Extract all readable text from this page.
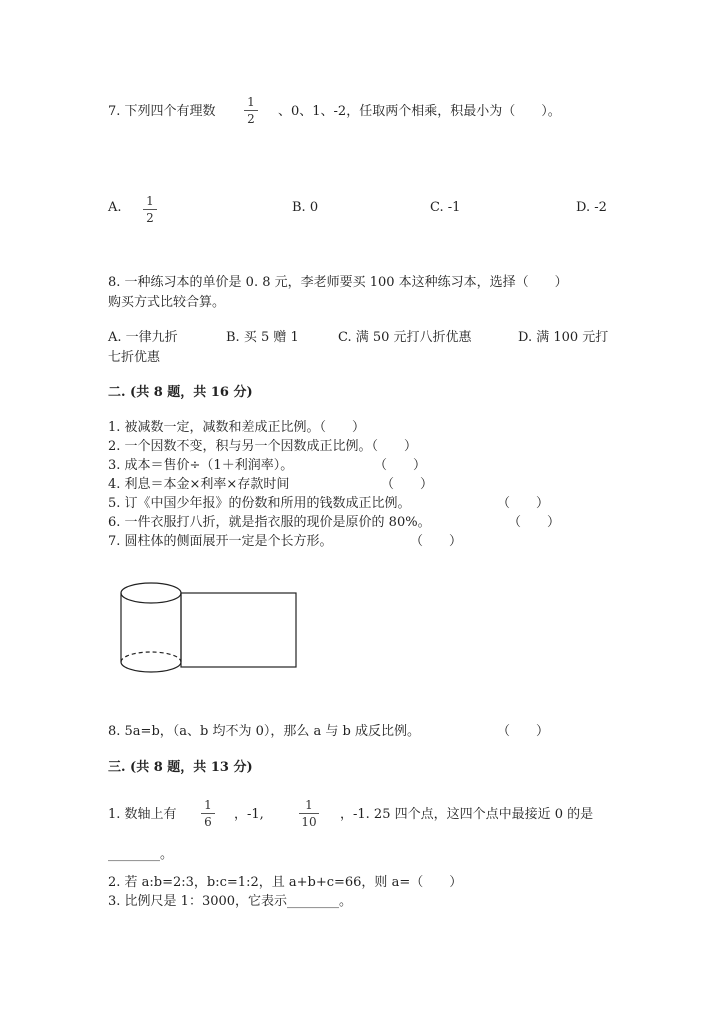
7. 下列四个有理数
1
2 、0、1、-2，任取两个相乘，积最小为（　　）。
A. 1
2
B. 0	C. -1	D. -2
8. 一种练习本的单价是 0. 8 元，李老师要买 100 本这种练习本，选择（　　）
购买方式比较合算。
A. 一律九折	B. 买 5 赠 1	C. 满 50 元打八折优惠	D. 满 100 元打
七折优惠
二. (共 8 题，共 16 分)
1. 被减数一定，减数和差成正比例。（　　）
2. 一个因数不变，积与另一个因数成正比例。（　　）
3. 成本＝售价÷（1＋利润率）。	（　　）
4. 利息＝本金×利率×存款时间	（　　）
5. 订《中国少年报》的份数和所用的钱数成正比例。	（　　）
6. 一件衣服打八折，就是指衣服的现价是原价的 80%。	（　　）
7. 圆柱体的侧面展开一定是个长方形。	（　　）
8. 5a=b，（a、b 均不为 0），那么 a 与 b 成反比例。	（　　）
三. (共 8 题，共 13 分)
1. 数轴上有
1
6 ，-1,
1
10 ，-1. 25 四个点，这四个点中最接近 0 的是
________。
2. 若 a:b=2:3，b:c=1:2，且 a+b+c=66，则 a=（　　）
3. 比例尺是 1：3000，它表示________。
